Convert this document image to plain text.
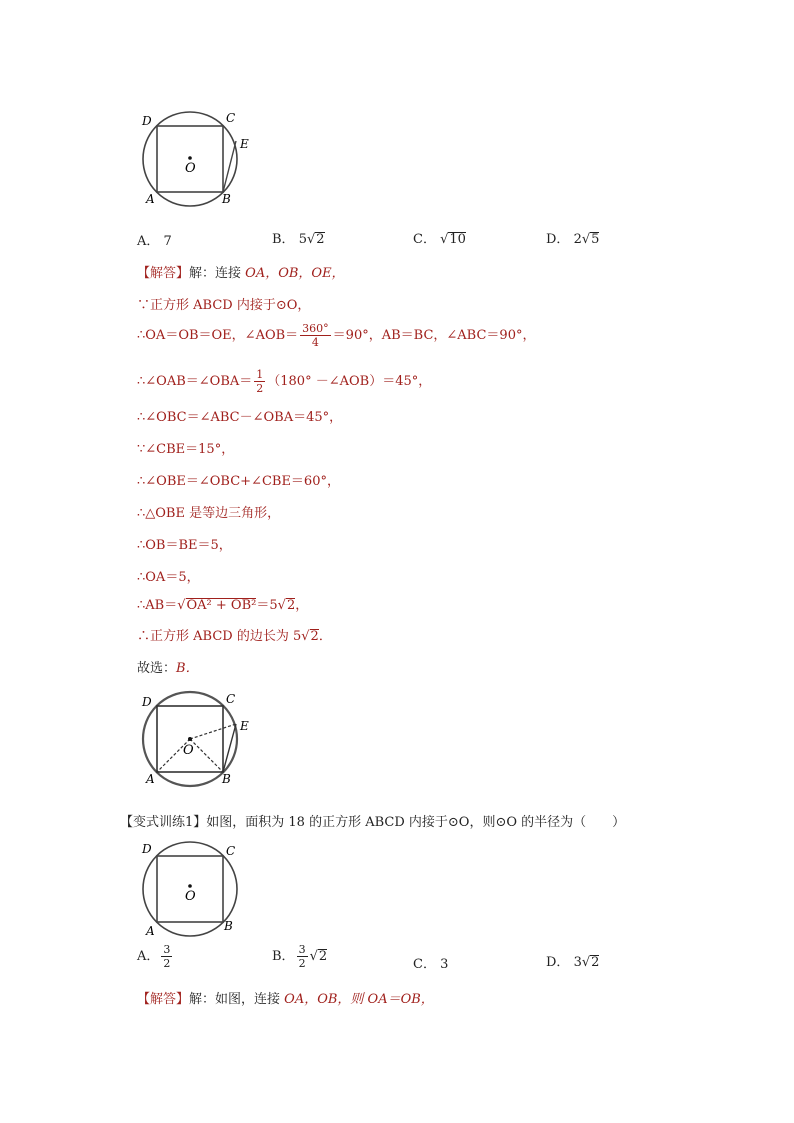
D	C
E
O
A	B
A． 7	B． 5√2	C． √10	D． 2√5
【解答】解：连接 OA，OB，OE，
∵正方形 ABCD 内接于⊙O，
∴OA＝OB＝OE，∠AOB＝ $\frac{360^\circ}{4} =90^\circ$，AB＝BC，∠ABC＝90°，
∴∠OAB＝∠OBA＝ $\frac{1}{2} (180^\circ$ －∠AOB）＝45°，
∴∠OBC＝∠ABC－∠OBA＝45°，
∵∠CBE＝15°，
∴∠OBE＝∠OBC+∠CBE＝60°，
∴△OBE 是等边三角形，
∴OB＝BE＝5，
∴OA＝5，
∴AB＝√OA² + OB²＝5√2，
∴正方形 ABCD 的边长为 5√2．
故选：B．
D	C
E
O
A	B
【变式训练1】如图，面积为 18 的正方形 ABCD 内接于⊙O，则⊙O 的半径为（　　）
D	C
O
A	B
A． $\frac{3}{2}$	B． $\frac{3}{2} √2$
C． 3	D． 3√2
【解答】解：如图，连接 OA，OB，则 OA＝OB，
